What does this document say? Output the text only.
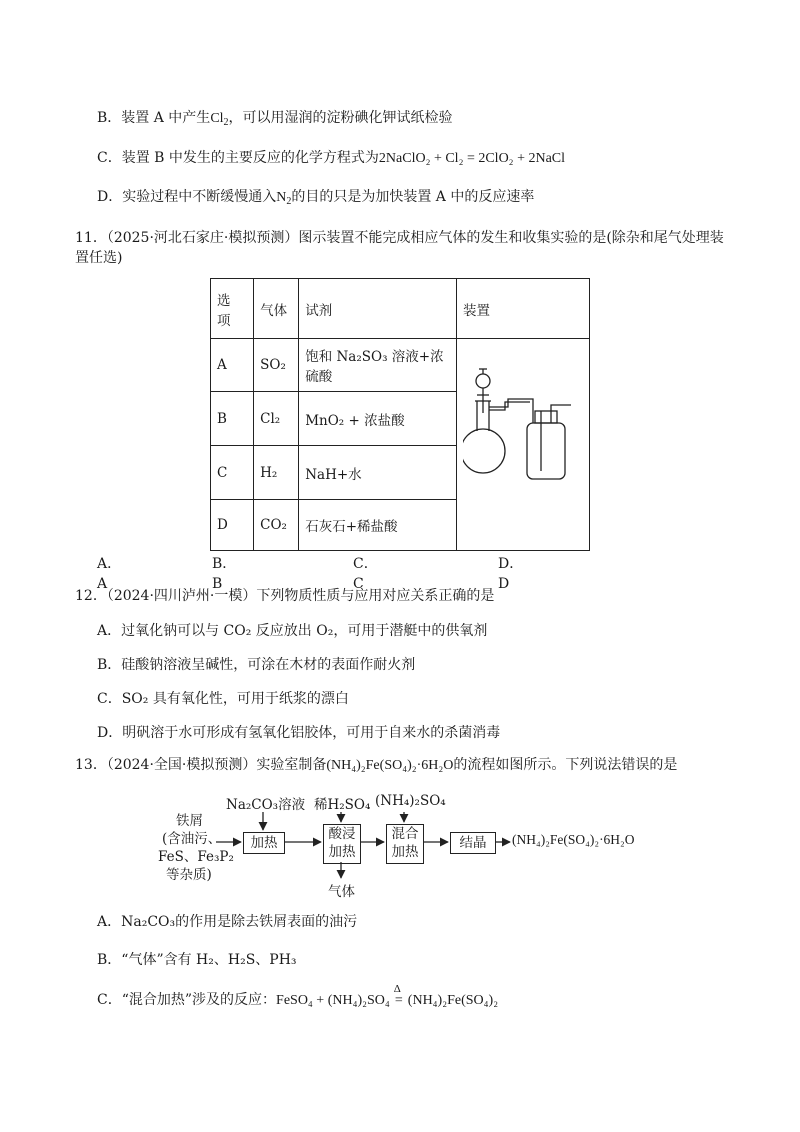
B．装置 A 中产生$Cl_2$，可以用湿润的淀粉碘化钾试纸检验
C．装置 B 中发生的主要反应的化学方程式为2NaClO₂ + Cl₂ = 2ClO₂ + 2NaCl
D．实验过程中不断缓慢通入$N_2$的目的只是为加快装置 A 中的反应速率
11．（2025·河北石家庄·模拟预测）图示装置不能完成相应气体的发生和收集实验的是(除杂和尾气处理装
置任选)
选
项	气体	试剂	装置
A	SO₂	饱和 Na₂SO₃ 溶液+浓硫酸	
B	Cl₂	MnO₂ + 浓盐酸	
C	H₂	NaH+水	
D	CO₂	石灰石+稀盐酸	
A．A
B．B
C．C
D．D
12．（2024·四川泸州·一模）下列物质性质与应用对应关系正确的是
A．过氧化钠可以与 CO₂ 反应放出 O₂，可用于潜艇中的供氧剂
B．硅酸钠溶液呈碱性，可涂在木材的表面作耐火剂
C．SO₂ 具有氧化性，可用于纸浆的漂白
D．明矾溶于水可形成有氢氧化铝胶体，可用于自来水的杀菌消毒
13．（2024·全国·模拟预测）实验室制备(NH₄)₂Fe(SO₄)₂·6H₂O的流程如图所示。下列说法错误的是
铁屑
(含油污、
FeS、Fe₃P₂
等杂质)
Na₂CO₃溶液 稀H₂SO₄ (NH₄)₂SO₄
加热
酸浸
加热
混合
加热
结晶	(NH₄)₂Fe(SO₄)₂·6H₂O
气体
A．Na₂CO₃的作用是除去铁屑表面的油污
B．“气体”含有 H₂、H₂S、PH₃
C．“混合加热”涉及的反应：FeSO₄ + (NH₄)₂SO₄
Δ
= (NH₄)₂Fe(SO₄)₂
